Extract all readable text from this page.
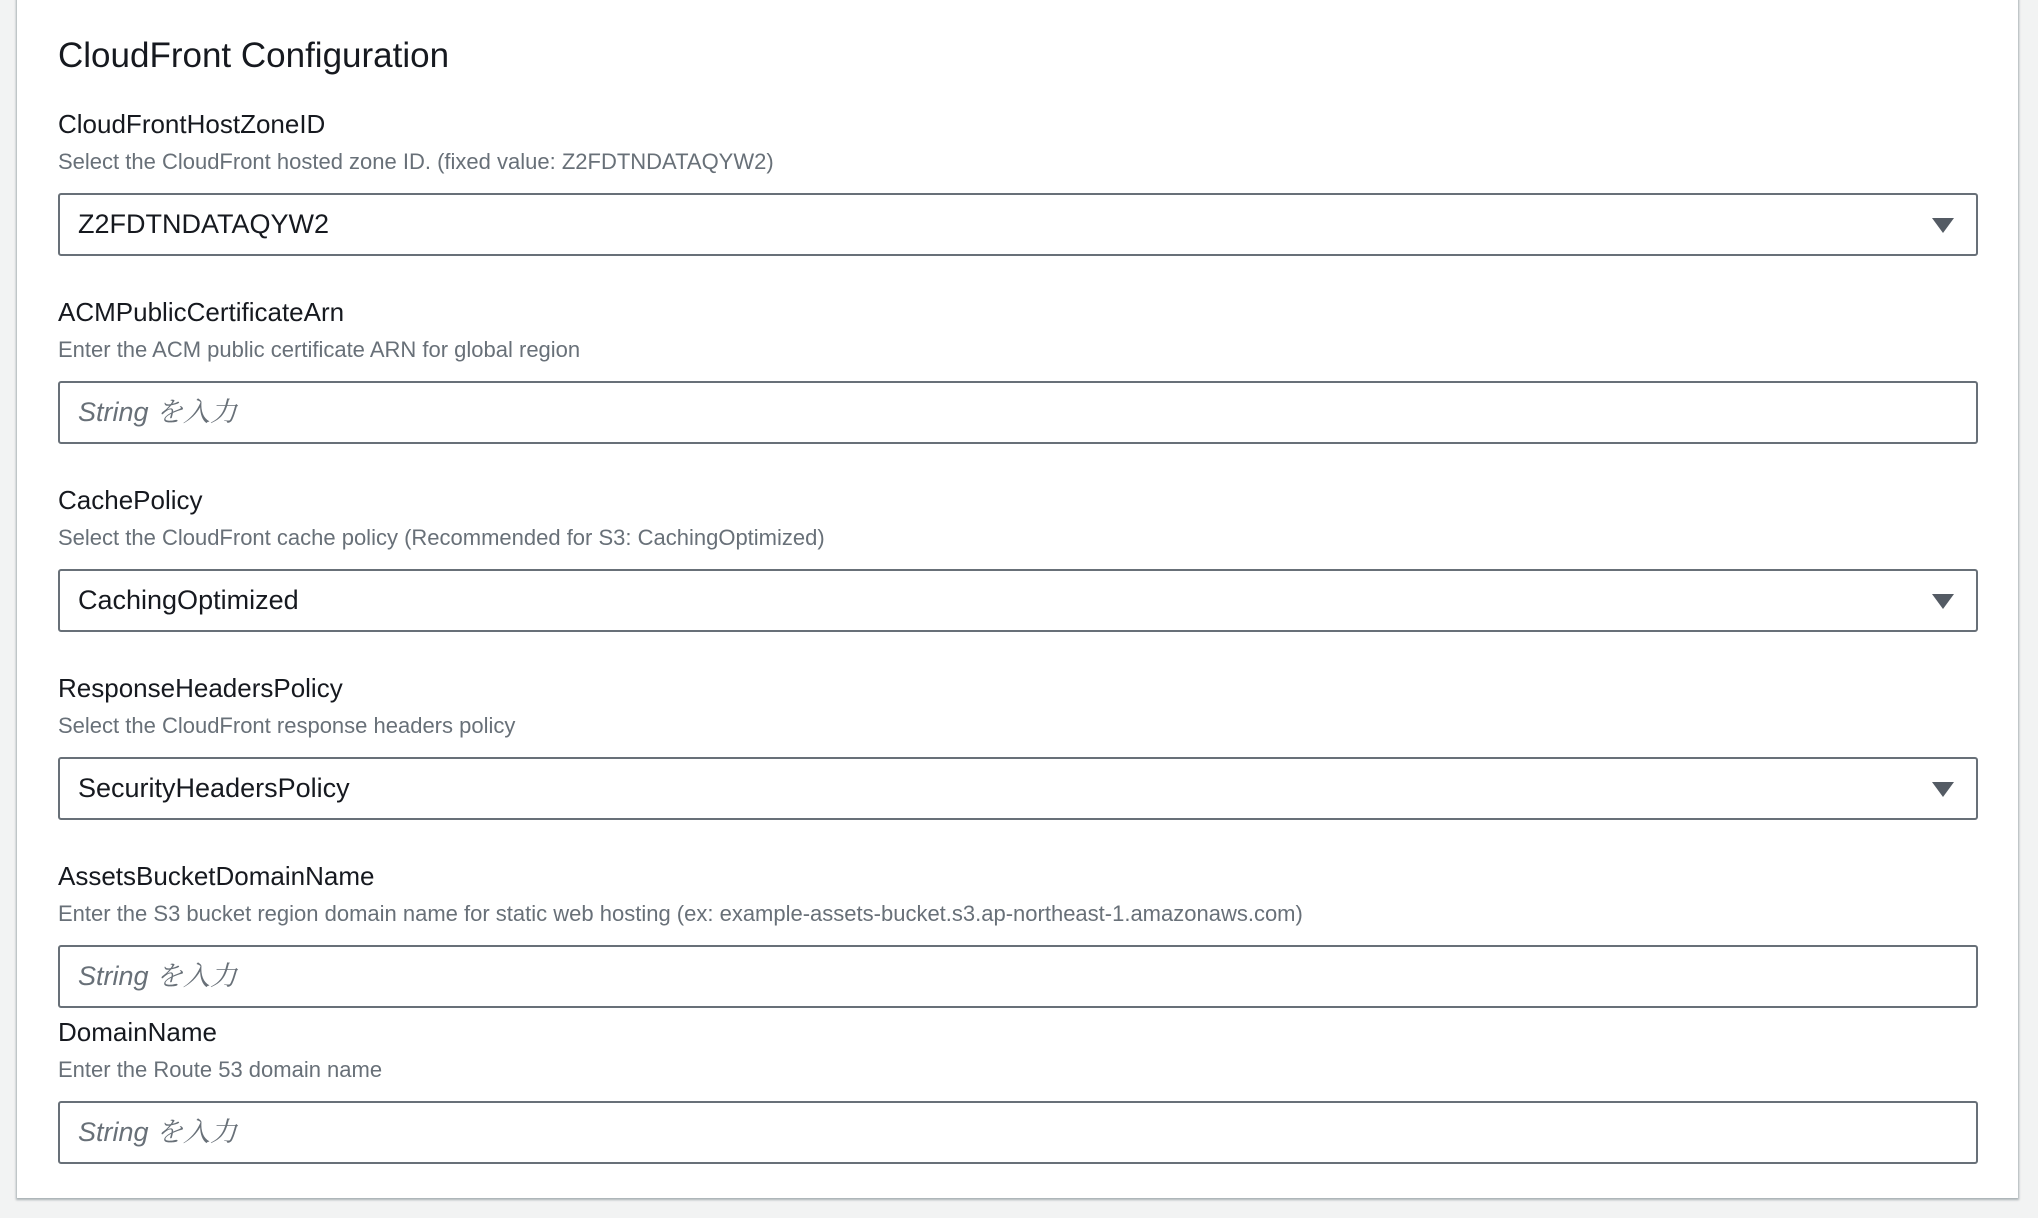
CloudFront Configuration
CloudFrontHostZoneID
Select the CloudFront hosted zone ID. (fixed value: Z2FDTNDATAQYW2)
Z2FDTNDATAQYW2
ACMPublicCertificateArn
Enter the ACM public certificate ARN for global region
String を入力
CachePolicy
Select the CloudFront cache policy (Recommended for S3: CachingOptimized)
CachingOptimized
ResponseHeadersPolicy
Select the CloudFront response headers policy
SecurityHeadersPolicy
AssetsBucketDomainName
Enter the S3 bucket region domain name for static web hosting (ex: example-assets-bucket.s3.ap-northeast-1.amazonaws.com)
String を入力
DomainName
Enter the Route 53 domain name
String を入力
